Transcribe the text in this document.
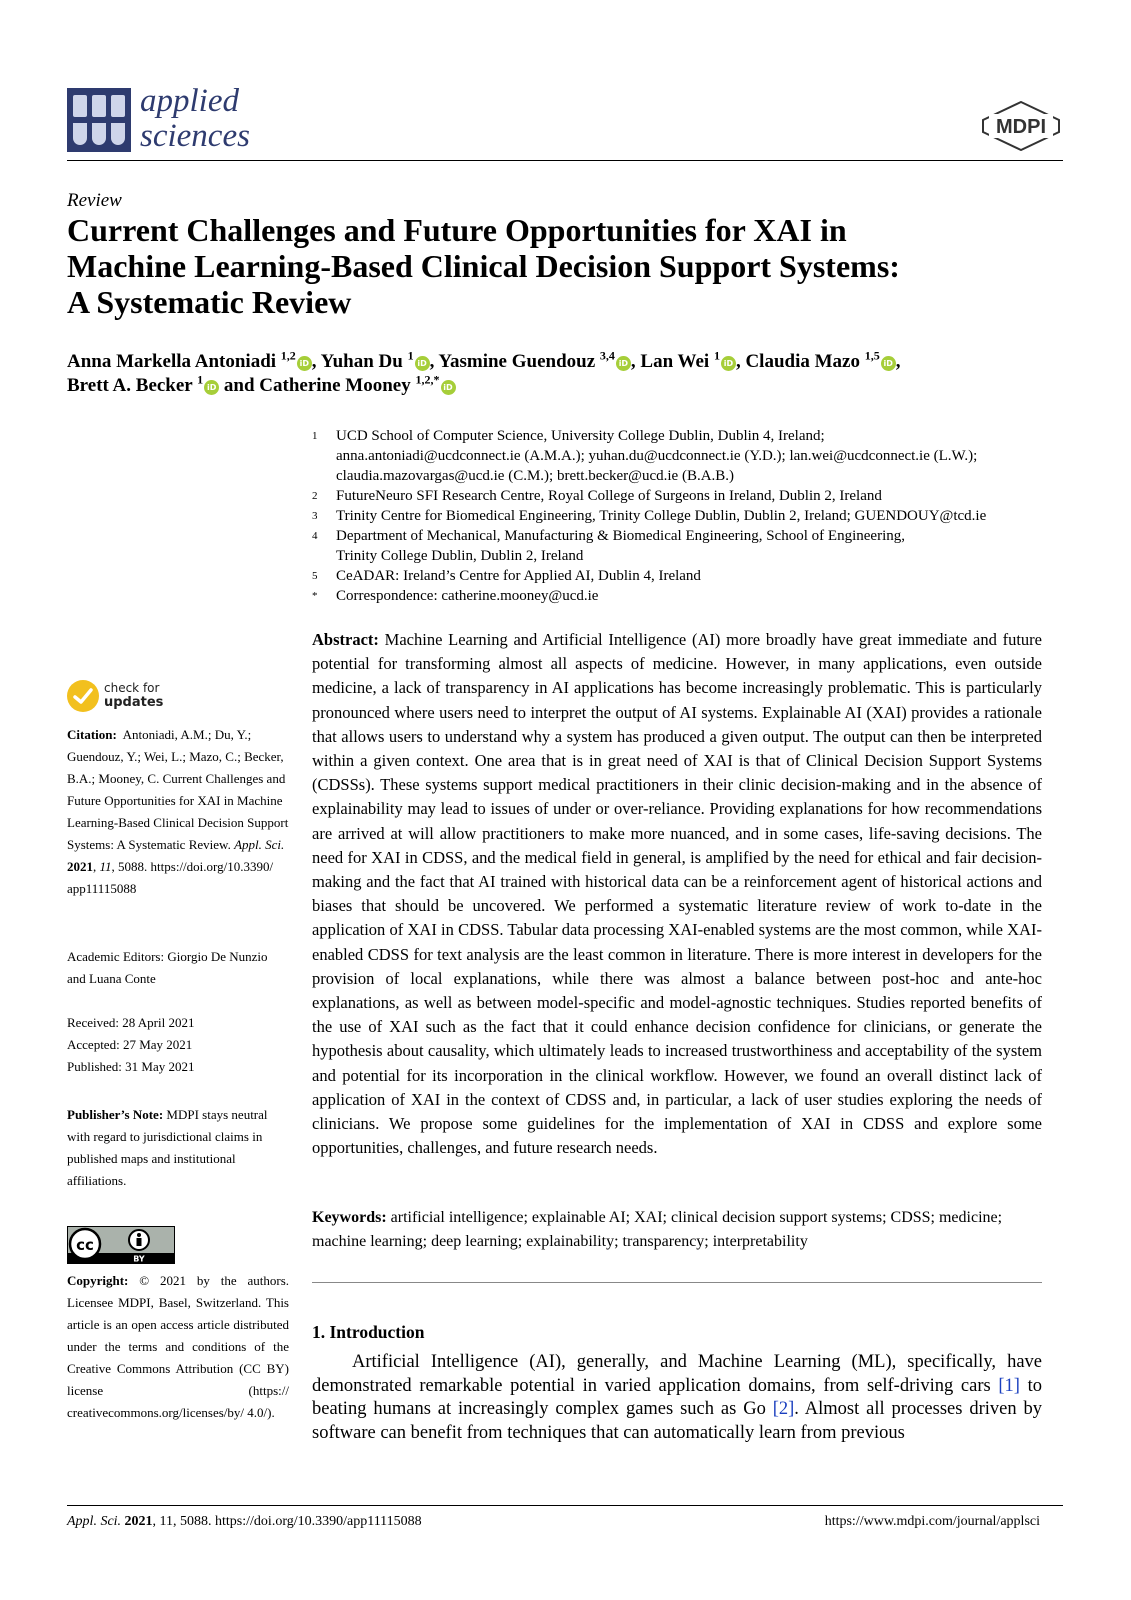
applied
sciences	MDPI
Review
Current Challenges and Future Opportunities for XAI in
Machine Learning-Based Clinical Decision Support Systems:
A Systematic Review
Anna Markella Antoniadi $^{1,2}$iD , Yuhan Du $^1$iD , Yasmine Guendouz $^{3,4}$iD , Lan Wei $^1$iD , Claudia Mazo $^{1,5}$iD ,
Brett A. Becker $^1$iD and Catherine Mooney $^{1,2,*}$iD
1	UCD School of Computer Science, University College Dublin, Dublin 4, Ireland;
anna.antoniadi@ucdconnect.ie (A.M.A.); yuhan.du@ucdconnect.ie (Y.D.); lan.wei@ucdconnect.ie (L.W.);
claudia.mazovargas@ucd.ie (C.M.); brett.becker@ucd.ie (B.A.B.)
2	FutureNeuro SFI Research Centre, Royal College of Surgeons in Ireland, Dublin 2, Ireland
3	Trinity Centre for Biomedical Engineering, Trinity College Dublin, Dublin 2, Ireland; GUENDOUY@tcd.ie
4	Department of Mechanical, Manufacturing & Biomedical Engineering, School of Engineering,
Trinity College Dublin, Dublin 2, Ireland
5	CeADAR: Ireland’s Centre for Applied AI, Dublin 4, Ireland
*	Correspondence: catherine.mooney@ucd.ie
check for
updates
Citation: Antoniadi, A.M.; Du, Y.; Guendouz, Y.; Wei, L.; Mazo, C.; Becker, B.A.; Mooney, C. Current Challenges and Future Opportunities for XAI in Machine Learning-Based Clinical Decision Support Systems: A Systematic Review. Appl. Sci. 2021, 11, 5088. https://doi.org/10.3390/ app11115088
Academic Editors: Giorgio De Nunzio and Luana Conte
Received: 28 April 2021
Accepted: 27 May 2021
Published: 31 May 2021
Publisher’s Note: MDPI stays neutral with regard to jurisdictional claims in published maps and institutional affiliations.
cc
BY
Copyright: © 2021 by the authors. Licensee MDPI, Basel, Switzerland. This article is an open access article distributed under the terms and conditions of the Creative Commons Attribution (CC BY) license (https:// creativecommons.org/licenses/by/ 4.0/).
Abstract: Machine Learning and Artificial Intelligence (AI) more broadly have great immediate and future potential for transforming almost all aspects of medicine. However, in many applications, even outside medicine, a lack of transparency in AI applications has become increasingly problematic. This is particularly pronounced where users need to interpret the output of AI systems. Explainable AI (XAI) provides a rationale that allows users to understand why a system has produced a given output. The output can then be interpreted within a given context. One area that is in great need of XAI is that of Clinical Decision Support Systems (CDSSs). These systems support medical practitioners in their clinic decision-making and in the absence of explainability may lead to issues of under or over-reliance. Providing explanations for how recommendations are arrived at will allow practitioners to make more nuanced, and in some cases, life-saving decisions. The need for XAI in CDSS, and the medical field in general, is amplified by the need for ethical and fair decision-making and the fact that AI trained with historical data can be a reinforcement agent of historical actions and biases that should be uncovered. We performed a systematic literature review of work to-date in the application of XAI in CDSS. Tabular data processing XAI-enabled systems are the most common, while XAI-enabled CDSS for text analysis are the least common in literature. There is more interest in developers for the provision of local explanations, while there was almost a balance between post-hoc and ante-hoc explanations, as well as between model-specific and model-agnostic techniques. Studies reported benefits of the use of XAI such as the fact that it could enhance decision confidence for clinicians, or generate the hypothesis about causality, which ultimately leads to increased trustworthiness and acceptability of the system and potential for its incorporation in the clinical workflow. However, we found an overall distinct lack of application of XAI in the context of CDSS and, in particular, a lack of user studies exploring the needs of clinicians. We propose some guidelines for the implementation of XAI in CDSS and explore some opportunities, challenges, and future research needs.
Keywords: artificial intelligence; explainable AI; XAI; clinical decision support systems; CDSS; medicine; machine learning; deep learning; explainability; transparency; interpretability
1. Introduction
Artificial Intelligence (AI), generally, and Machine Learning (ML), specifically, have demonstrated remarkable potential in varied application domains, from self-driving cars [1] to beating humans at increasingly complex games such as Go [2]. Almost all processes driven by software can benefit from techniques that can automatically learn from previous
Appl. Sci. 2021, 11, 5088. https://doi.org/10.3390/app11115088	https://www.mdpi.com/journal/applsci
